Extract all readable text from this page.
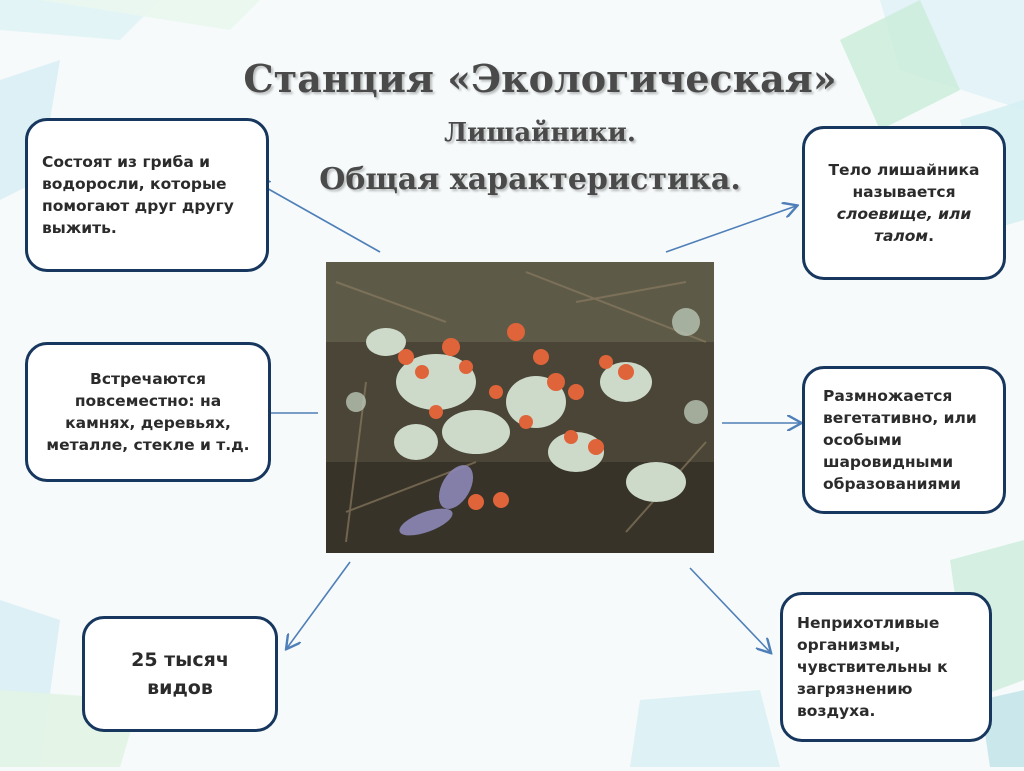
Станция «Экологическая»
Лишайники.
Общая характеристика.
Состоят из гриба и водоросли, которые помогают друг другу выжить.
Тело лишайника называется слоевище, или талом.
Встречаются повсеместно: на камнях, деревьях, металле, стекле и т.д.
Размножается вегетативно, или особыми шаровидными образованиями
25 тысяч видов
Неприхотливые организмы, чувствительны к загрязнению воздуха.
